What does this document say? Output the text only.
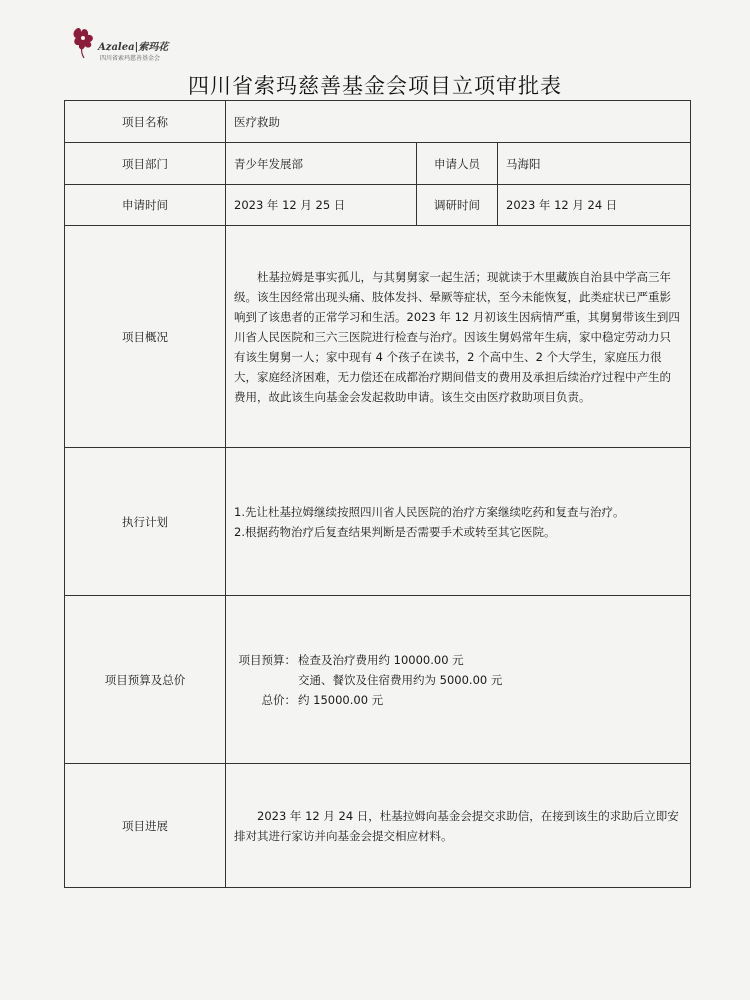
Azalea|索玛花
四川省索玛慈善基金会
四川省索玛慈善基金会项目立项审批表
项目名称	医疗救助		
项目部门	青少年发展部	申请人员	马海阳
申请时间	2023 年 12 月 25 日	调研时间	2023 年 12 月 24 日
项目概况	杜基拉姆是事实孤儿，与其舅舅家一起生活；现就读于木里藏族自治县中学高三年级。该生因经常出现头痛、肢体发抖、晕厥等症状，至今未能恢复，此类症状已严重影响到了该患者的正常学习和生活。2023 年 12 月初该生因病情严重，其舅舅带该生到四川省人民医院和三六三医院进行检查与治疗。因该生舅妈常年生病，家中稳定劳动力只有该生舅舅一人；家中现有 4 个孩子在读书，2 个高中生、2 个大学生，家庭压力很大，家庭经济困难，无力偿还在成都治疗期间借支的费用及承担后续治疗过程中产生的费用，故此该生向基金会发起救助申请。该生交由医疗救助项目负责。		

执行计划	1.先让杜基拉姆继续按照四川省人民医院的治疗方案继续吃药和复查与治疗。
2.根据药物治疗后复查结果判断是否需要手术或转至其它医院。		

项目预算及总价	项目预算： 检查及治疗费用约 10000.00 元
交通、餐饮及住宿费用约为 5000.00 元
总价： 约 15000.00 元		

项目进展	2023 年 12 月 24 日，杜基拉姆向基金会提交求助信，在接到该生的求助后立即安排对其进行家访并向基金会提交相应材料。		
